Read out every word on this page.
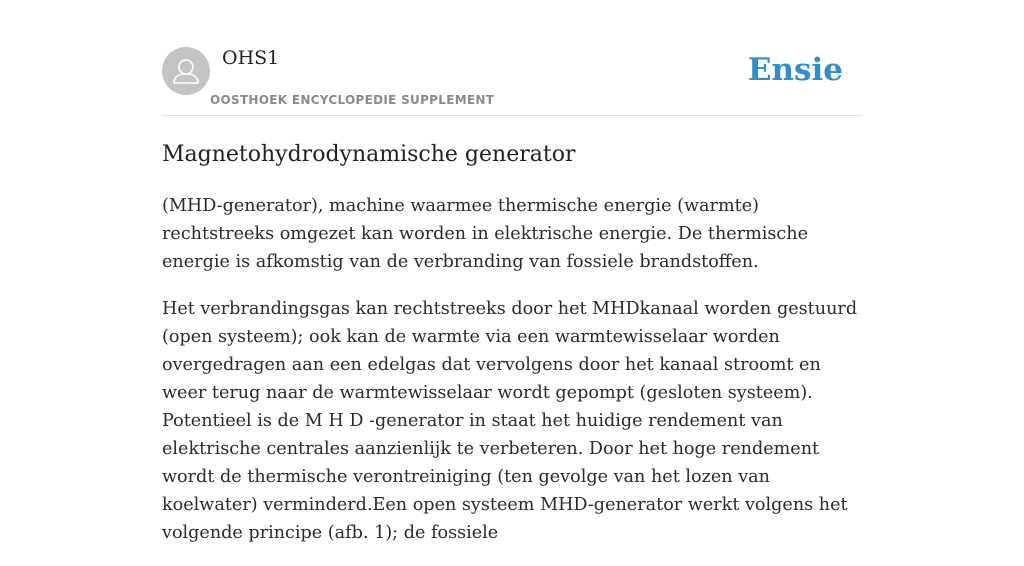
OHS1
OOSTHOEK ENCYCLOPEDIE SUPPLEMENT
Ensie
Magnetohydrodynamische generator

(MHD-generator), machine waarmee thermische energie (warmte) rechtstreeks omgezet kan worden in elektrische energie. De thermische energie is afkomstig van de verbranding van fossiele brandstoffen.

Het verbrandingsgas kan rechtstreeks door het MHDkanaal worden gestuurd (open systeem); ook kan de warmte via een warmtewisselaar worden overgedragen aan een edelgas dat vervolgens door het kanaal stroomt en weer terug naar de warmtewisselaar wordt gepompt (gesloten systeem). Potentieel is de M H D -generator in staat het huidige rendement van elektrische centrales aanzienlijk te verbeteren. Door het hoge rendement wordt de thermische verontreiniging (ten gevolge van het lozen van koelwater) verminderd.Een open systeem MHD-generator werkt volgens het volgende principe (afb. 1); de fossiele
